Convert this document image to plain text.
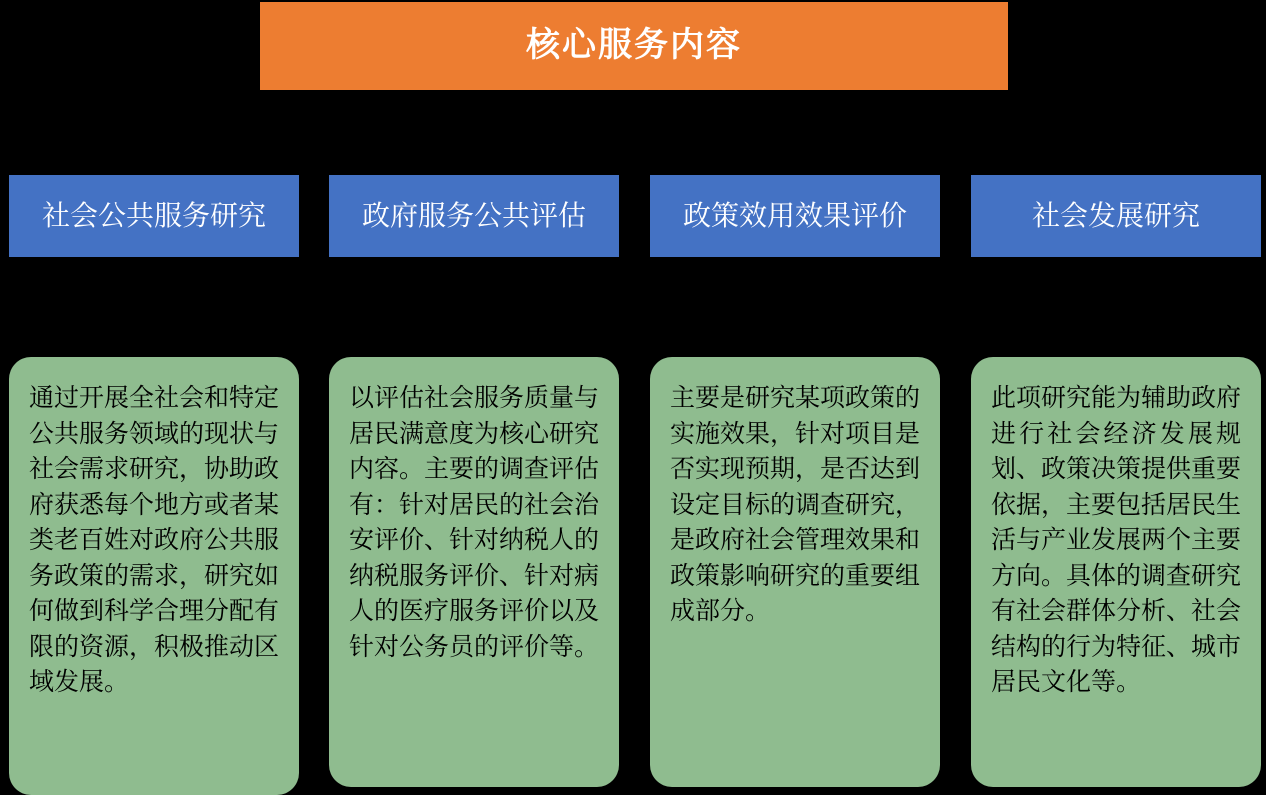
核心服务内容
社会公共服务研究
通过开展全社会和特定公共服务领域的现状与社会需求研究，协助政府获悉每个地方或者某类老百姓对政府公共服务政策的需求，研究如何做到科学合理分配有限的资源，积极推动区域发展。
政府服务公共评估
以评估社会服务质量与居民满意度为核心研究内容。主要的调查评估有：针对居民的社会治安评价、针对纳税人的纳税服务评价、针对病人的医疗服务评价以及针对公务员的评价等。
政策效用效果评价
主要是研究某项政策的实施效果，针对项目是否实现预期，是否达到设定目标的调查研究，是政府社会管理效果和政策影响研究的重要组成部分。
社会发展研究
此项研究能为辅助政府进行社会经济发展规划、政策决策提供重要依据，主要包括居民生活与产业发展两个主要方向。具体的调查研究有社会群体分析、社会结构的行为特征、城市居民文化等。
